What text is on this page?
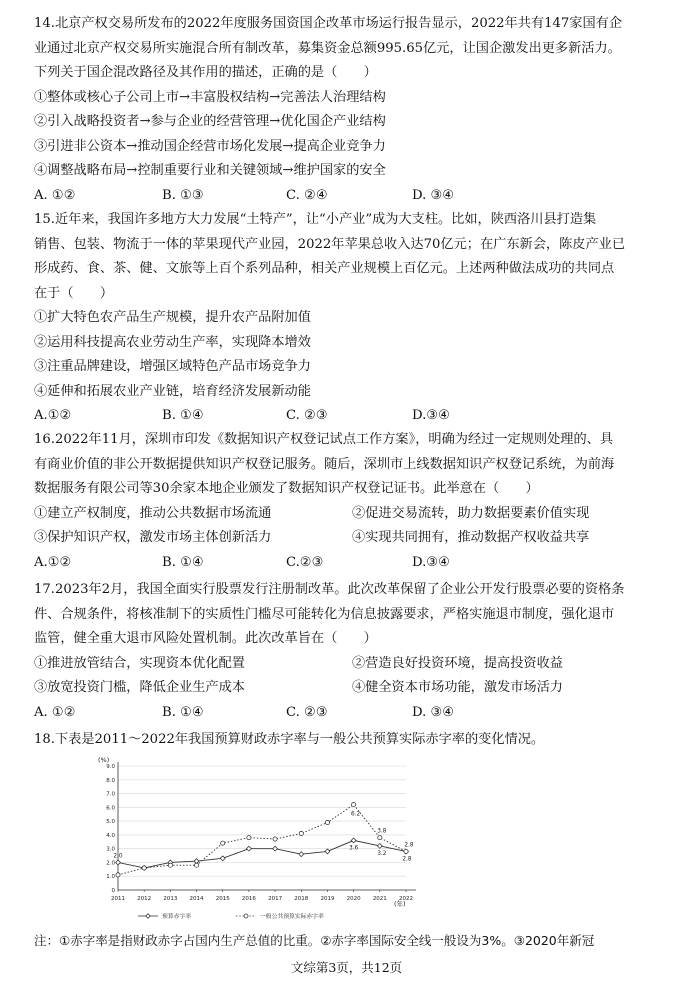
14.北京产权交易所发布的2022年度服务国资国企改革市场运行报告显示，2022年共有147家国有企
业通过北京产权交易所实施混合所有制改革，募集资金总额995.65亿元，让国企激发出更多新活力。
下列关于国企混改路径及其作用的描述，正确的是（　　）
①整体或核心子公司上市→丰富股权结构→完善法人治理结构
②引入战略投资者→参与企业的经营管理→优化国企产业结构
③引进非公资本→推动国企经营市场化发展→提高企业竞争力
④调整战略布局→控制重要行业和关键领域→维护国家的安全
A. ①②	B. ①③	C. ②④	D. ③④
15.近年来，我国许多地方大力发展“土特产”，让“小产业”成为大支柱。比如，陕西洛川县打造集
销售、包装、物流于一体的苹果现代产业园，2022年苹果总收入达70亿元；在广东新会，陈皮产业已
形成药、食、茶、健、文旅等上百个系列品种，相关产业规模上百亿元。上述两种做法成功的共同点
在于（　　）
①扩大特色农产品生产规模，提升农产品附加值
②运用科技提高农业劳动生产率，实现降本增效
③注重品牌建设，增强区域特色产品市场竞争力
④延伸和拓展农业产业链，培育经济发展新动能
A.①②	B. ①④	C. ②③	D.③④
16.2022年11月，深圳市印发《数据知识产权登记试点工作方案》，明确为经过一定规则处理的、具
有商业价值的非公开数据提供知识产权登记服务。随后，深圳市上线数据知识产权登记系统，为前海
数据服务有限公司等30余家本地企业颁发了数据知识产权登记证书。此举意在（　　）
①建立产权制度，推动公共数据市场流通	②促进交易流转，助力数据要素价值实现
③保护知识产权，激发市场主体创新活力	④实现共同拥有，推动数据产权收益共享
A.①②	B. ①④	C.②③	D.③④
17.2023年2月，我国全面实行股票发行注册制改革。此次改革保留了企业公开发行股票必要的资格条
件、合规条件，将核准制下的实质性门槛尽可能转化为信息披露要求，严格实施退市制度，强化退市
监管，健全重大退市风险处置机制。此次改革旨在（　　）
①推进放管结合，实现资本优化配置	②营造良好投资环境，提高投资收益
③放宽投资门槛，降低企业生产成本	④健全资本市场功能，激发市场活力
A. ①②	B. ①④	C. ②③	D. ③④
18.下表是2011～2022年我国预算财政赤字率与一般公共预算实际赤字率的变化情况。
(%)
(年)
0
1.0
2.0
3.0
4.0
5.0
6.0
7.0
8.0
9.0
2011 2012 2013 2014 2015 2016 2017 2018 2019 2020 2021 2022
2.0
6.2
3.8
3.6
3.2
2.8
2.8
预算赤字率	一般公共预算实际赤字率
注：①赤字率是指财政赤字占国内生产总值的比重。②赤字率国际安全线一般设为3%。③2020年新冠
文综第3页，共12页
